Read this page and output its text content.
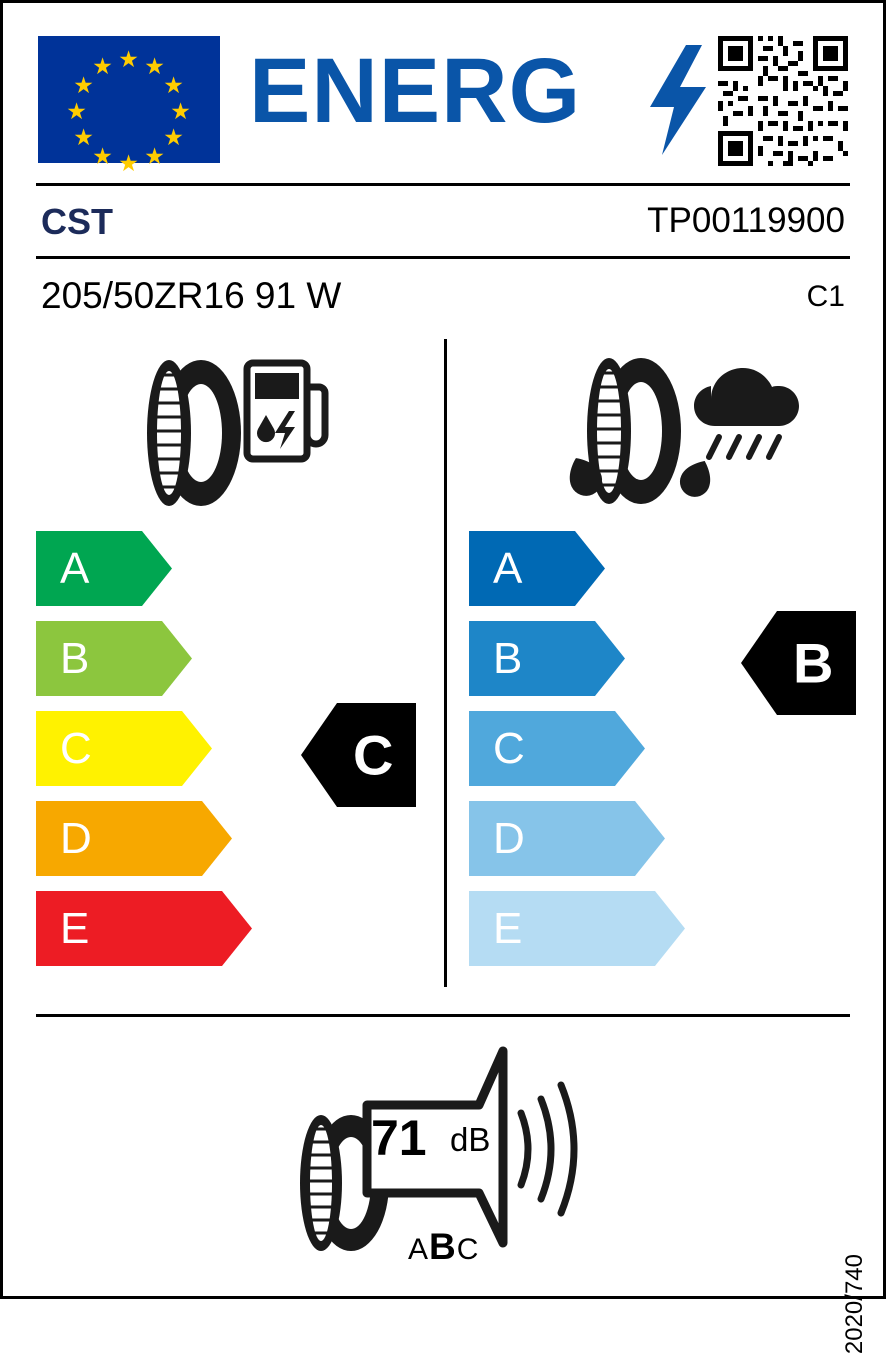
★ ★
★
★
★
★
★
★
★
★
★
★ ENERG
CST	TP00119900
205/50ZR16 91 W	C1
A
B
C
D
E
A
B
C
D
E
C
B
71 dB
ABC
2020/740
